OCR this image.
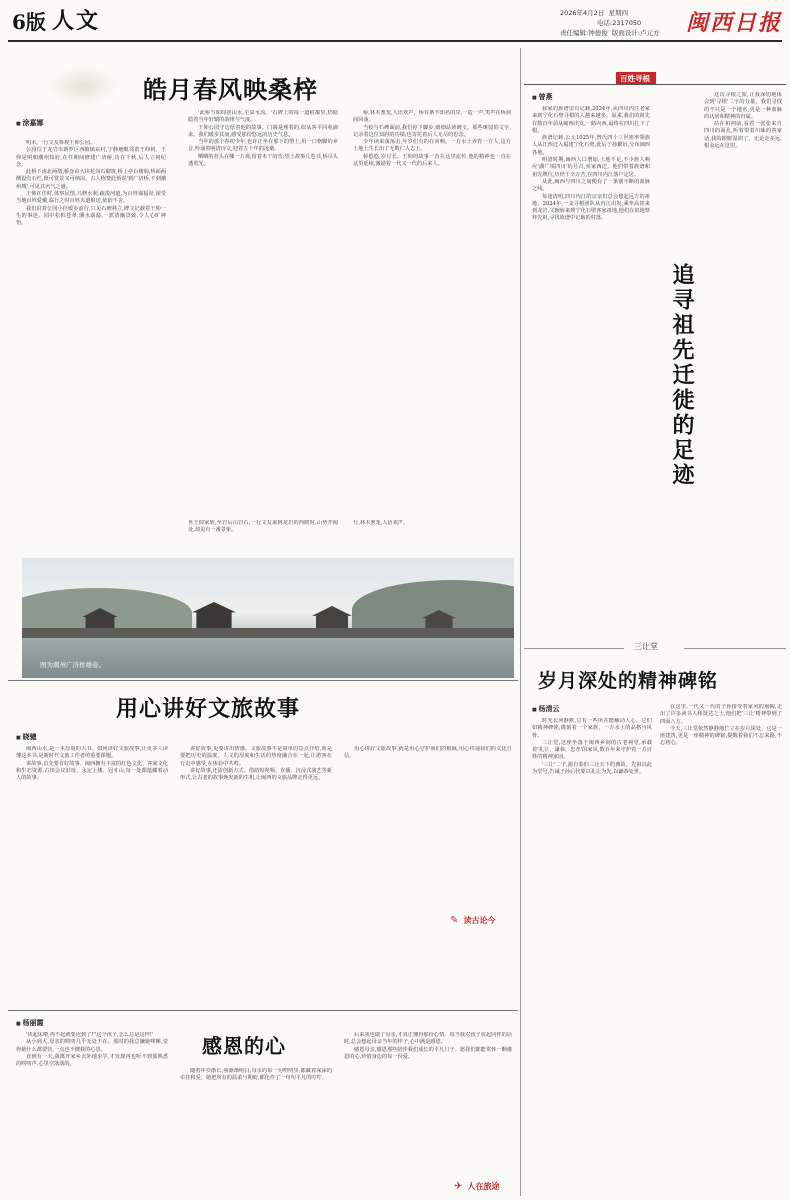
6版 人文	2026年4月2日 星期四
电话:2317050
责任编辑:钟德俊 版面设计:卢元方 闽西日报
皓月春风映桑梓
■ 涂嘉娜

明末,一行文友参观王仰公园。

公园位于龙岩市新罗区西陂镇东村,宁静地毗邻着王仰祠。王仰是明朝潮州知府,在任期间修建广济桥,功在千秋,后人立祠纪念。

此桥下南北两墩,桥身由大块花岗石砌筑,桥上亭台楼阁,桥面两侧设有石栏,既可赏景又可纳凉。古人称赞此桥说'到广济桥,不到潮州城',可见其名气之盛。

王仰在任时,体察民情,兴修水利,疏浚河道,为百姓谋福祉,深受当地百姓爱戴,临行之时百姓夹道相送,依依不舍。

我们沿着公园小径缓步前行,只见石碑林立,碑文记载着王仰一生的事迹。园中松柏苍翠,溪水潺潺,一派清幽景致,令人心旷神怡。

'此桥当如闾巷山水,圭臬水流。'石牌上的每一道痕都里,仍隐隐着当年轩辕的韵律与气度。

王仰公园守边厚着他的故事。门墙是理着的,似从客平回苑滴来。我们缓步其间,感受那份悠远的历史气息。

当年的那个春初少年,也许正坐在那下的塑上,用一口格脚的乡音,吟诵着明清诗文,迎着五十年的沧桑。

晒晒的苔头在哪一方观,留着未干的雪;望上故事几卷书,桥尽头透着光。

桥,林木葱茏,人语欢声。桥有条不知名的岸,一造一声,笑声在桥洞间回荡。

当校与石碑面前,我们停下脚步,细细品读碑文。那些斑驳的文字,记录着这位知府的功绩,也寄托着后人无尽的思念。

少年读来荡荡击,年岁们有的在回响。一方水土养育一方人,这方土地上生长出了无数仁人志士。

桥悠悠,岁月长。王仰的故事一直在这里流传,他的精神也一直在这里延续,激励着一代又一代的后来人。

世王仰家族,至岩后山岩石,一行文友来到龙岩的西陂时,山势开阔处,却见有一番景象。
行,林木葱茏,人语欢声。
图为潮州广济桥雄姿。
百姓寻根
■ 曾燕

我家的族谱里有记载,2024年,从四川内江老家来到宁化石壁寻根的人越来越多。原来,我们的祖先在数百年前从闽西出发,一路向西,最终在四川扎下了根。

族谱记载,公元1025年,曾氏四十三世祖率领族人从江西迁入福建宁化石壁,此后子孙繁衍,分布闽西各地。

明清时期,闽西人口增加,土地不足,不少族人响应'湖广填四川'的号召,举家西迁。他们带着族谱和祖先牌位,历经千辛万苦,在四川内江落户定居。

从此,闽西与四川之间便有了一条割不断的血脉之线。

每逢清明,四川内江的宗亲们总会想起远方的祖地。2024年,一支寻根团队从内江出发,乘坐高铁来到龙岩,又辗转来到宁化石壁客家祖地,他们在祖地祭拜先祖,寻找族谱中记载的村落。

追寻祖先迁徙的足迹

这次寻根之旅,让我深切地体会到'寻根'二字的分量。我们寻找的不只是一个地名,更是一种血脉的认同和精神的归属。

站在祖祠前,看着一张张来自四川的面孔,听着带着川味的客家话,我的眼眶湿润了。无论走多远,根永远在这里。

三让堂
岁月深处的精神碑铭
■ 杨清云

时光长河静默,总有一些所在能触动人心。它们如精神碑铭,镌刻着一个家族、一方水土的品格与风骨。

三让堂,这座坐落于闽西乡间的古老祠堂,承载着'礼让、谦恭、忠孝'的家风,数百年来守护着一方百姓的精神家园。

'三让'二字,源自泰伯三让天下的典故。先祖以此为堂号,告诫子孙后代要以礼让为先,以谦恭处世。

在这里,一代又一代的子孙接受着家风的熏陶,走出了许多读书人和贤达之士,他们把'三让'精神带到了四面八方。

今天,三让堂依然静静地伫立在岁月深处。它是一座建筑,更是一座精神的碑铭,提醒着我们不忘来路,不忘初心。

用心讲好文旅故事
■ 晓骢

闽西山水,是一本厚重的大书。如何讲好文旅故事,让更多人读懂这本书,是新时代文旅工作者的重要课题。

讲故事,首先要有好故事。闽西拥有丰富的红色文化、客家文化和生态资源,古田会议旧址、永定土楼、冠豸山,每一处都蕴藏着动人的故事。

讲好故事,更要讲出情感。文旅故事不是简单的景点介绍,而是要把历史的温度、人文的厚度和生活的热度融合在一起,让游客在行走中感受,在体验中共鸣。

讲好故事,还需创新方式。借助短视频、直播、沉浸式演艺等新形式,让古老的故事焕发新的生机,让闽西的文旅品牌走得更远。

用心讲好文旅故事,就是用心守护我们的根脉,用心传递我们的文化自信。

✎ 读古论今
■ 杨丽霞

'快起床啦,再不起就要迟到了!''这个孩子,怎么总是这样!'

从小到大,母亲的唠叨几乎无处不在。那时的我总嫌她啰嗦,觉得她什么都要管,一点也不懂我的心思。

直到有一天,我离开家乡去外地求学,才发现再也听不到那熟悉的唠叨声,心里空落落的。

感恩的心

随着年岁渐长,我渐渐明白,母亲的每一句唠叨里,都藏着深深的牵挂和爱。她把所有的温柔与期盼,都化作了一句句平凡的叮咛。

后来我也做了母亲,才真正懂得那份心情。每当我对孩子说起同样的话时,总会想起母亲当年的样子,心中满是感恩。

感恩母亲,感恩那些陪伴我们成长的平凡日子。愿我们都能常怀一颗感恩的心,珍惜身边的每一份爱。

✈ 人在旅途
